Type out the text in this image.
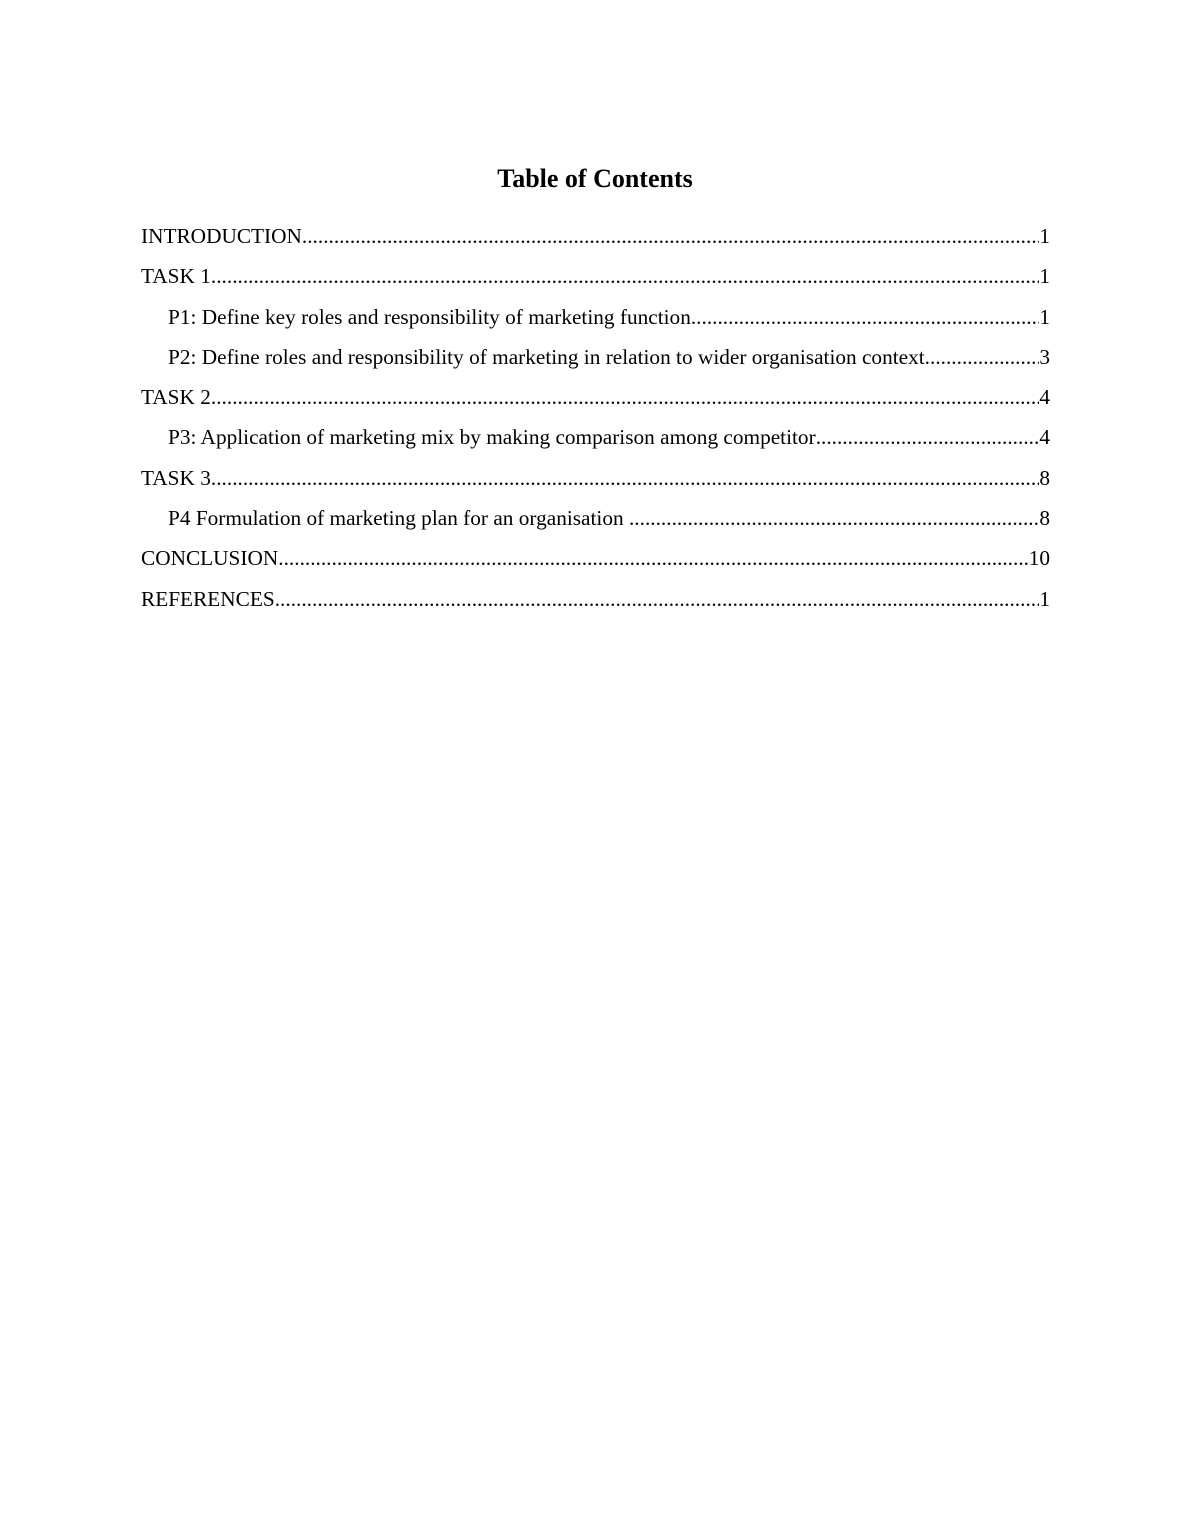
Table of Contents
INTRODUCTION .....	1
TASK 1 .....	1
P1: Define key roles and responsibility of marketing function .....	1
P2: Define roles and responsibility of marketing in relation to wider organisation context .....	3
TASK 2 .....	4
P3: Application of marketing mix by making comparison among competitor .....	4
TASK 3 .....	8
P4 Formulation of marketing plan for an organisation .....	8
CONCLUSION .....	10
REFERENCES .....	1
